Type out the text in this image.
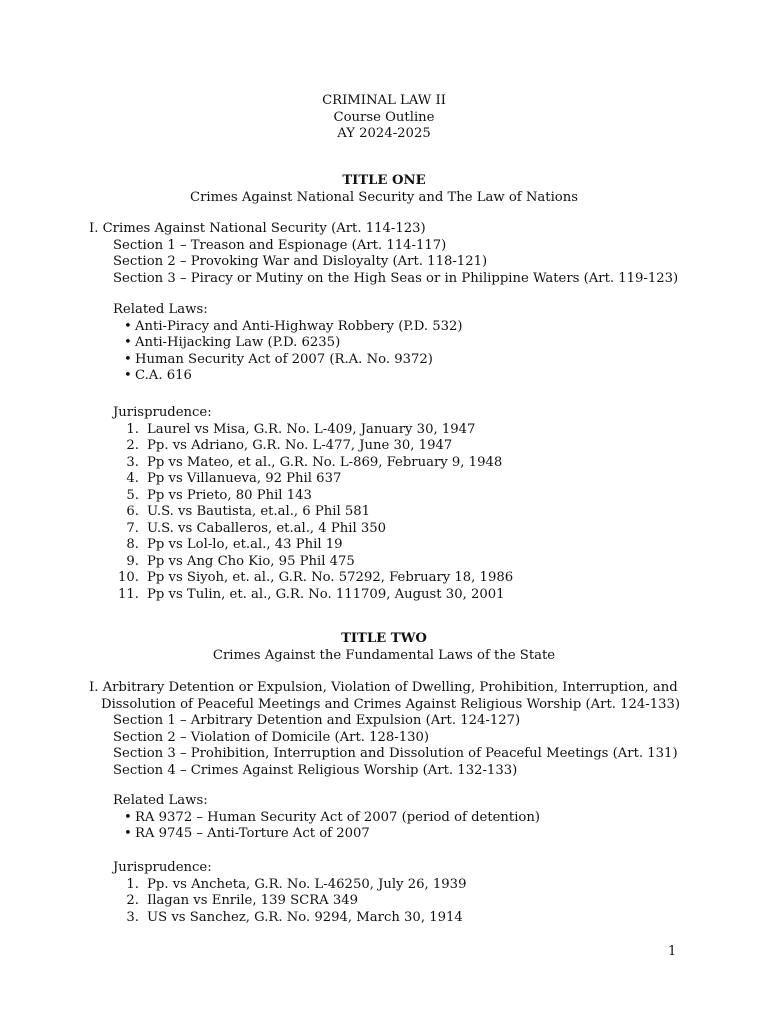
CRIMINAL LAW II
Course Outline
AY 2024-2025
TITLE ONE
Crimes Against National Security and The Law of Nations
I. Crimes Against National Security (Art. 114-123)
Section 1 – Treason and Espionage (Art. 114-117)
Section 2 – Provoking War and Disloyalty (Art. 118-121)
Section 3 – Piracy or Mutiny on the High Seas or in Philippine Waters (Art. 119-123)
Related Laws:
• Anti-Piracy and Anti-Highway Robbery (P.D. 532)
• Anti-Hijacking Law (P.D. 6235)
• Human Security Act of 2007 (R.A. No. 9372)
• C.A. 616
Jurisprudence:
1. Laurel vs Misa, G.R. No. L-409, January 30, 1947
2. Pp. vs Adriano, G.R. No. L-477, June 30, 1947
3. Pp vs Mateo, et al., G.R. No. L-869, February 9, 1948
4. Pp vs Villanueva, 92 Phil 637
5. Pp vs Prieto, 80 Phil 143
6. U.S. vs Bautista, et.al., 6 Phil 581
7. U.S. vs Caballeros, et.al., 4 Phil 350
8. Pp vs Lol-lo, et.al., 43 Phil 19
9. Pp vs Ang Cho Kio, 95 Phil 475
10. Pp vs Siyoh, et. al., G.R. No. 57292, February 18, 1986
11. Pp vs Tulin, et. al., G.R. No. 111709, August 30, 2001
TITLE TWO
Crimes Against the Fundamental Laws of the State
I. Arbitrary Detention or Expulsion, Violation of Dwelling, Prohibition, Interruption, and
Dissolution of Peaceful Meetings and Crimes Against Religious Worship (Art. 124-133)
Section 1 – Arbitrary Detention and Expulsion (Art. 124-127)
Section 2 – Violation of Domicile (Art. 128-130)
Section 3 – Prohibition, Interruption and Dissolution of Peaceful Meetings (Art. 131)
Section 4 – Crimes Against Religious Worship (Art. 132-133)
Related Laws:
• RA 9372 – Human Security Act of 2007 (period of detention)
• RA 9745 – Anti-Torture Act of 2007
Jurisprudence:
1. Pp. vs Ancheta, G.R. No. L-46250, July 26, 1939
2. Ilagan vs Enrile, 139 SCRA 349
3. US vs Sanchez, G.R. No. 9294, March 30, 1914
1
